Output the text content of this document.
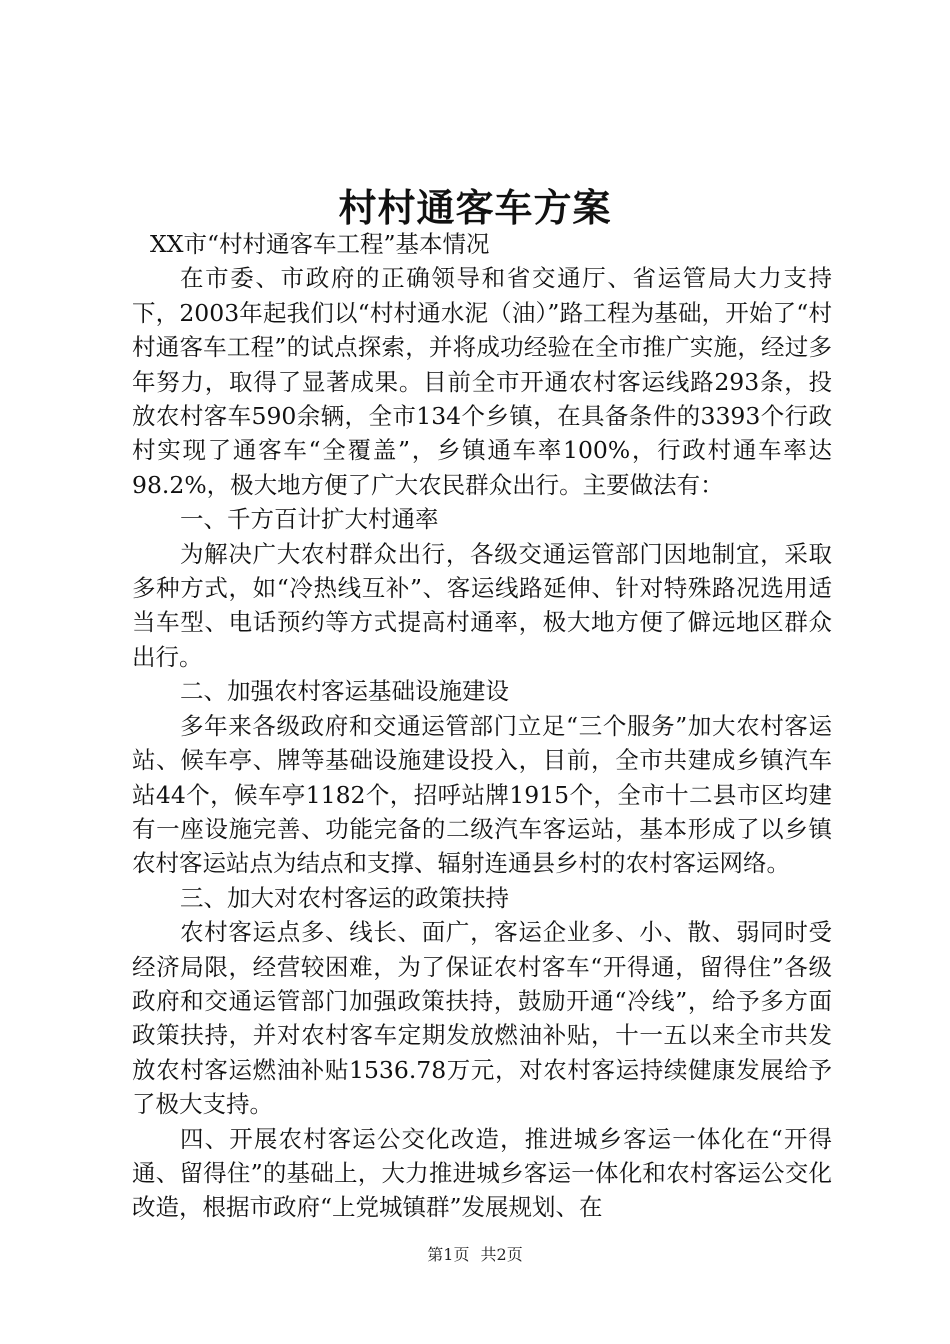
村村通客车方案

XX市“村村通客车工程”基本情况

在市委、市政府的正确领导和省交通厅、省运管局大力支持下，2003年起我们以“村村通水泥（油）”路工程为基础，开始了“村村通客车工程”的试点探索，并将成功经验在全市推广实施，经过多年努力，取得了显著成果。目前全市开通农村客运线路293条，投放农村客车590余辆，全市134个乡镇，在具备条件的3393个行政村实现了通客车“全覆盖”，乡镇通车率100%，行政村通车率达98.2%，极大地方便了广大农民群众出行。主要做法有：

一、千方百计扩大村通率

为解决广大农村群众出行，各级交通运管部门因地制宜，采取多种方式，如“冷热线互补”、客运线路延伸、针对特殊路况选用适当车型、电话预约等方式提高村通率，极大地方便了僻远地区群众出行。

二、加强农村客运基础设施建设

多年来各级政府和交通运管部门立足“三个服务”加大农村客运站、候车亭、牌等基础设施建设投入，目前，全市共建成乡镇汽车站44个，候车亭1182个，招呼站牌1915个，全市十二县市区均建有一座设施完善、功能完备的二级汽车客运站，基本形成了以乡镇农村客运站点为结点和支撑、辐射连通县乡村的农村客运网络。

三、加大对农村客运的政策扶持

农村客运点多、线长、面广，客运企业多、小、散、弱同时受经济局限，经营较困难，为了保证农村客车“开得通，留得住”各级政府和交通运管部门加强政策扶持，鼓励开通“冷线”，给予多方面政策扶持，并对农村客车定期发放燃油补贴，十一五以来全市共发放农村客运燃油补贴1536.78万元，对农村客运持续健康发展给予了极大支持。

四、开展农村客运公交化改造，推进城乡客运一体化在“开得通、留得住”的基础上，大力推进城乡客运一体化和农村客运公交化改造，根据市政府“上党城镇群”发展规划、在

第1页 共2页
